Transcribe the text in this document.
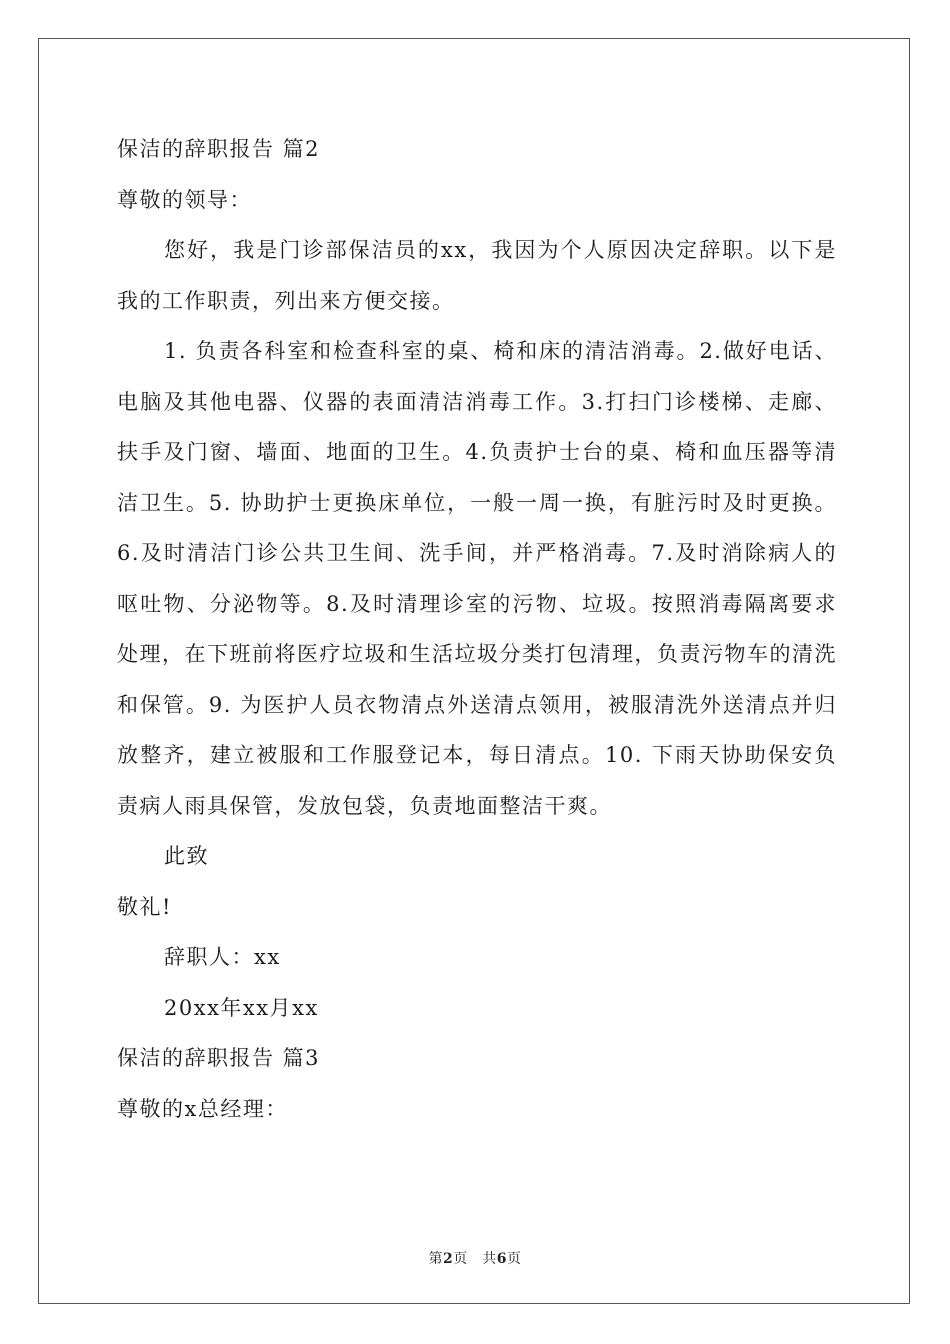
保洁的辞职报告 篇2
尊敬的领导：
您好，我是门诊部保洁员的xx，我因为个人原因决定辞职。以下是我的工作职责，列出来方便交接。
1. 负责各科室和检查科室的桌、椅和床的清洁消毒。2.做好电话、电脑及其他电器、仪器的表面清洁消毒工作。3.打扫门诊楼梯、走廊、扶手及门窗、墙面、地面的卫生。4.负责护士台的桌、椅和血压器等清洁卫生。5. 协助护士更换床单位，一般一周一换，有脏污时及时更换。6.及时清洁门诊公共卫生间、洗手间，并严格消毒。7.及时消除病人的呕吐物、分泌物等。8.及时清理诊室的污物、垃圾。按照消毒隔离要求处理，在下班前将医疗垃圾和生活垃圾分类打包清理，负责污物车的清洗和保管。9. 为医护人员衣物清点外送清点领用，被服清洗外送清点并归放整齐，建立被服和工作服登记本，每日清点。10. 下雨天协助保安负责病人雨具保管，发放包袋，负责地面整洁干爽。
此致
敬礼!
辞职人：xx
20xx年xx月xx
保洁的辞职报告 篇3
尊敬的x总经理：
第2页　共6页
